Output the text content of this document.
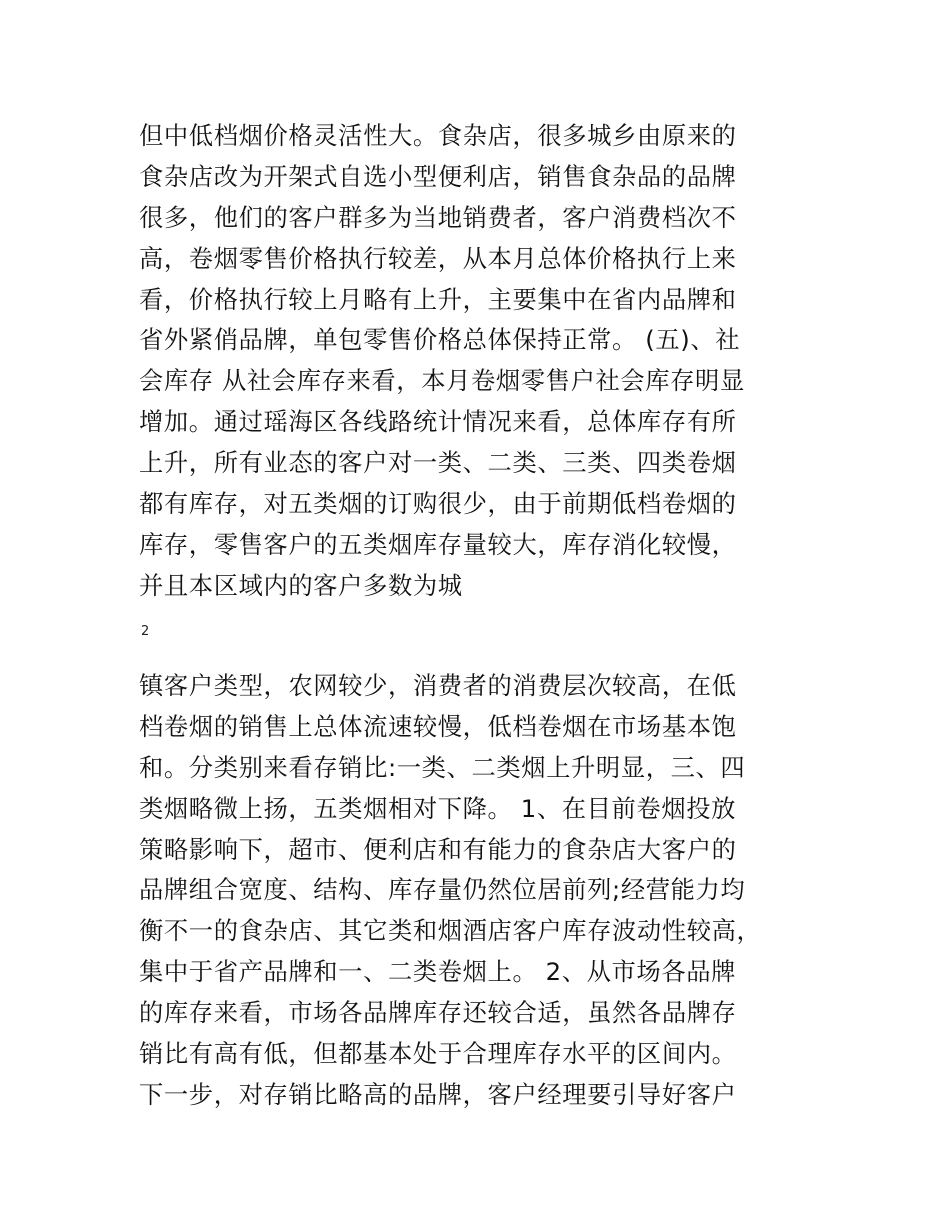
但中低档烟价格灵活性大。食杂店，很多城乡由原来的
食杂店改为开架式自选小型便利店，销售食杂品的品牌
很多，他们的客户群多为当地销费者，客户消费档次不
高，卷烟零售价格执行较差，从本月总体价格执行上来
看，价格执行较上月略有上升，主要集中在省内品牌和
省外紧俏品牌，单包零售价格总体保持正常。 (五)、社
会库存 从社会库存来看，本月卷烟零售户社会库存明显
增加。通过瑶海区各线路统计情况来看，总体库存有所
上升，所有业态的客户对一类、二类、三类、四类卷烟
都有库存，对五类烟的订购很少，由于前期低档卷烟的
库存，零售客户的五类烟库存量较大，库存消化较慢，
并且本区域内的客户多数为城
2
镇客户类型，农网较少，消费者的消费层次较高，在低
档卷烟的销售上总体流速较慢，低档卷烟在市场基本饱
和。分类别来看存销比:一类、二类烟上升明显，三、四
类烟略微上扬，五类烟相对下降。 1、在目前卷烟投放
策略影响下，超市、便利店和有能力的食杂店大客户的
品牌组合宽度、结构、库存量仍然位居前列;经营能力均
衡不一的食杂店、其它类和烟酒店客户库存波动性较高，
集中于省产品牌和一、二类卷烟上。 2、从市场各品牌
的库存来看，市场各品牌库存还较合适，虽然各品牌存
销比有高有低，但都基本处于合理库存水平的区间内。
下一步，对存销比略高的品牌，客户经理要引导好客户
